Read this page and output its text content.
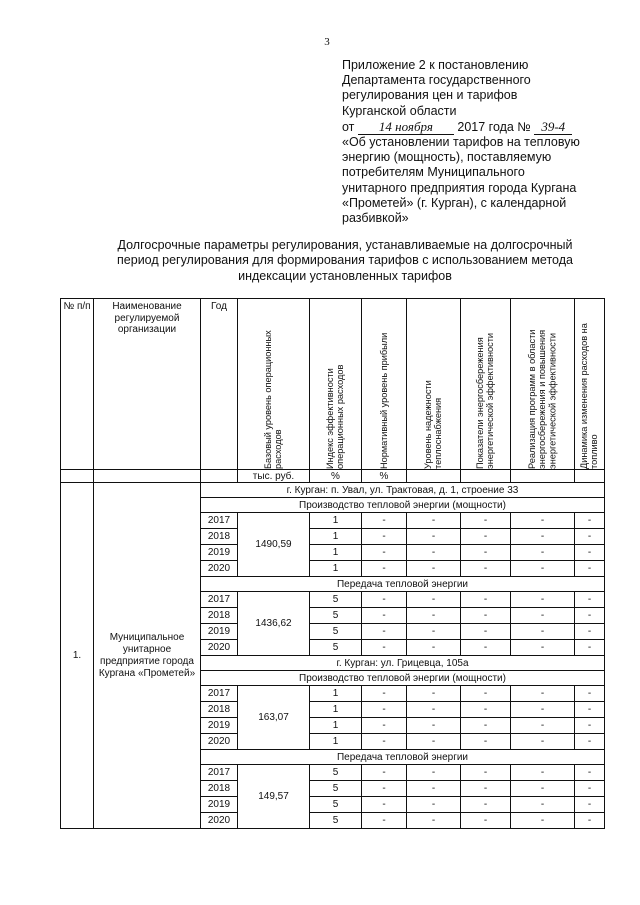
3
Приложение 2 к постановлению
Департамента государственного
регулирования цен и тарифов
Курганской области
от 14 ноября 2017 года № 39-4
«Об установлении тарифов на тепловую
энергию (мощность), поставляемую
потребителям Муниципального
унитарного предприятия города Кургана
«Прометей» (г. Курган), с календарной
разбивкой»
Долгосрочные параметры регулирования, устанавливаемые на долгосрочный
период регулирования для формирования тарифов с использованием метода
индексации установленных тарифов
№ п/п	Наименование регулируемой организации	Год	Базовый уровень операционных расходов	Индекс эффективности операционных расходов	Нормативный уровень прибыли	Уровень надежности теплоснабжения	Показатели энергосбережения энергетической эффективности	Реализация программ в области энергосбережения и повышения энергетической эффективности	Динамика изменения расходов на топливо

			тыс. руб.	%	%				
1.	Муниципальное унитарное предприятие города Кургана «Прометей»	г. Курган: п. Увал, ул. Трактовая, д. 1, строение 33							
		Производство тепловой энергии (мощности)							
		2017	1490,59	1	-	-	-	-	-
		2018		1	-	-	-	-	-
		2019		1	-	-	-	-	-
		2020		1	-	-	-	-	-
		Передача тепловой энергии							
		2017	1436,62	5	-	-	-	-	-
		2018		5	-	-	-	-	-
		2019		5	-	-	-	-	-
		2020		5	-	-	-	-	-
		г. Курган: ул. Грицевца, 105а							
		Производство тепловой энергии (мощности)							
		2017	163,07	1	-	-	-	-	-
		2018		1	-	-	-	-	-
		2019		1	-	-	-	-	-
		2020		1	-	-	-	-	-
		Передача тепловой энергии							
		2017	149,57	5	-	-	-	-	-
		2018		5	-	-	-	-	-
		2019		5	-	-	-	-	-
		2020		5	-	-	-	-	-
